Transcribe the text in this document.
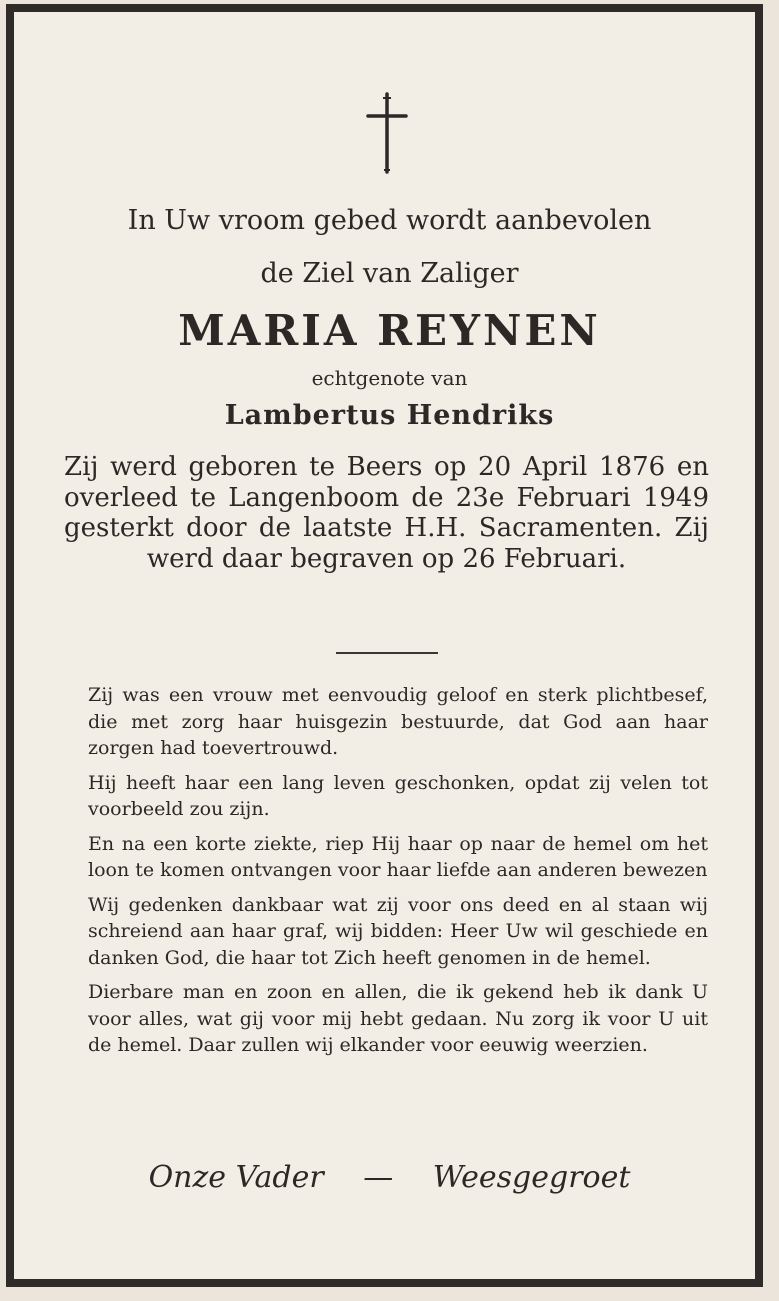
In Uw vroom gebed wordt aanbevolen
de Ziel van Zaliger
MARIA REYNEN
echtgenote van
Lambertus Hendriks

Zij werd geboren te Beers op 20 April 1876 en overleed te Langenboom de 23e Februari 1949 gesterkt door de laatste H.H. Sacramenten. Zij werd daar begraven op 26 Februari.

Zij was een vrouw met eenvoudig geloof en sterk plichtbesef, die met zorg haar huisgezin bestuurde, dat God aan haar zorgen had toevertrouwd.

Hij heeft haar een lang leven geschonken, opdat zij velen tot voorbeeld zou zijn.

En na een korte ziekte, riep Hij haar op naar de hemel om het loon te komen ontvangen voor haar liefde aan anderen bewezen

Wij gedenken dankbaar wat zij voor ons deed en al staan wij schreiend aan haar graf, wij bidden: Heer Uw wil geschiede en danken God, die haar tot Zich heeft genomen in de hemel.

Dierbare man en zoon en allen, die ik gekend heb ik dank U voor alles, wat gij voor mij hebt gedaan. Nu zorg ik voor U uit de hemel. Daar zullen wij elkander voor eeuwig weerzien.

Onze Vader — Weesgegroet
